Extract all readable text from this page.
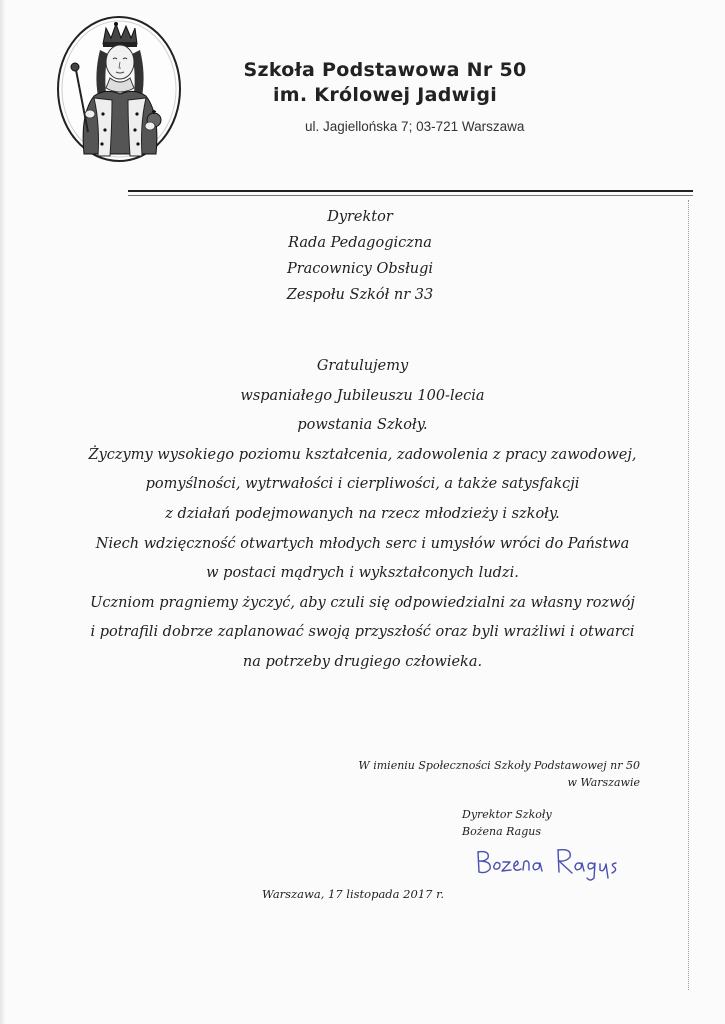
Szkoła Podstawowa Nr 50
im. Królowej Jadwigi
ul. Jagiellońska 7; 03-721 Warszawa
Dyrektor
Rada Pedagogiczna
Pracownicy Obsługi
Zespołu Szkół nr 33
Gratulujemy
wspaniałego Jubileuszu 100-lecia
powstania Szkoły.
Życzymy wysokiego poziomu kształcenia, zadowolenia z pracy zawodowej,
pomyślności, wytrwałości i cierpliwości, a także satysfakcji
z działań podejmowanych na rzecz młodzieży i szkoły.
Niech wdzięczność otwartych młodych serc i umysłów wróci do Państwa
w postaci mądrych i wykształconych ludzi.
Uczniom pragniemy życzyć, aby czuli się odpowiedzialni za własny rozwój
i potrafili dobrze zaplanować swoją przyszłość oraz byli wrażliwi i otwarci
na potrzeby drugiego człowieka.
W imieniu Społeczności Szkoły Podstawowej nr 50
w Warszawie
Dyrektor Szkoły
Bożena Ragus
Warszawa, 17 listopada 2017 r.
